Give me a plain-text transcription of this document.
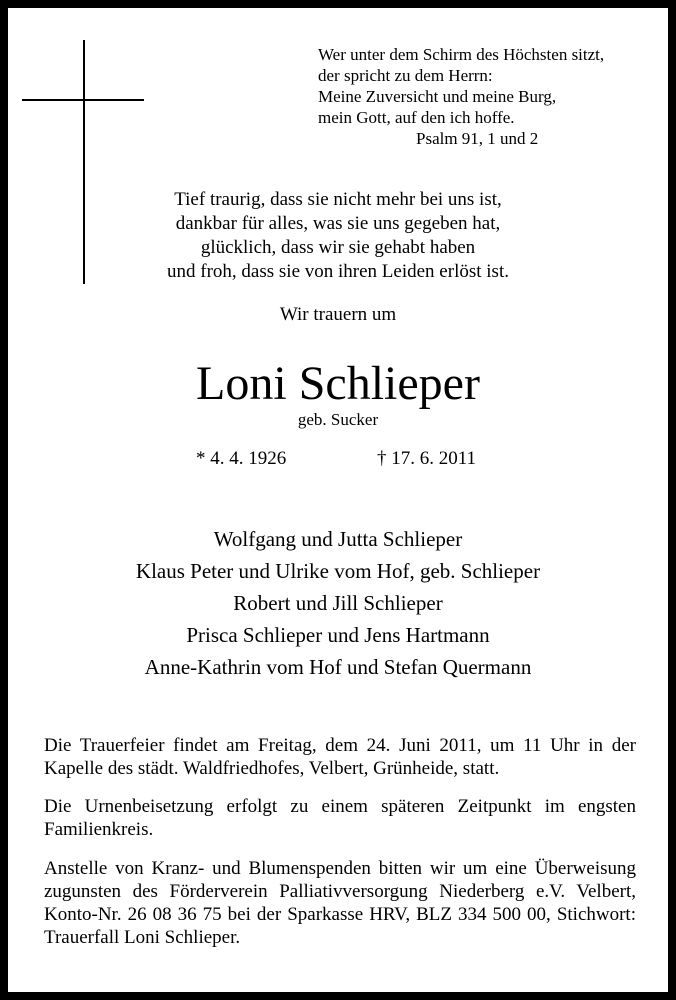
Wer unter dem Schirm des Höchsten sitzt,
der spricht zu dem Herrn:
Meine Zuversicht und meine Burg,
mein Gott, auf den ich hoffe.
Psalm 91, 1 und 2
Tief traurig, dass sie nicht mehr bei uns ist,
dankbar für alles, was sie uns gegeben hat,
glücklich, dass wir sie gehabt haben
und froh, dass sie von ihren Leiden erlöst ist.
Wir trauern um
Loni Schlieper
geb. Sucker
* 4. 4. 1926	† 17. 6. 2011
Wolfgang und Jutta Schlieper
Klaus Peter und Ulrike vom Hof, geb. Schlieper
Robert und Jill Schlieper
Prisca Schlieper und Jens Hartmann
Anne-Kathrin vom Hof und Stefan Quermann
Die Trauerfeier findet am Freitag, dem 24. Juni 2011, um 11 Uhr in der Kapelle des städt. Waldfriedhofes, Velbert, Grünheide, statt.
Die Urnenbeisetzung erfolgt zu einem späteren Zeitpunkt im engsten Familienkreis.
Anstelle von Kranz- und Blumenspenden bitten wir um eine Überweisung zugunsten des Förderverein Palliativversorgung Niederberg e.V. Velbert, Konto-Nr. 26 08 36 75 bei der Sparkasse HRV, BLZ 334 500 00, Stichwort: Trauerfall Loni Schlieper.
